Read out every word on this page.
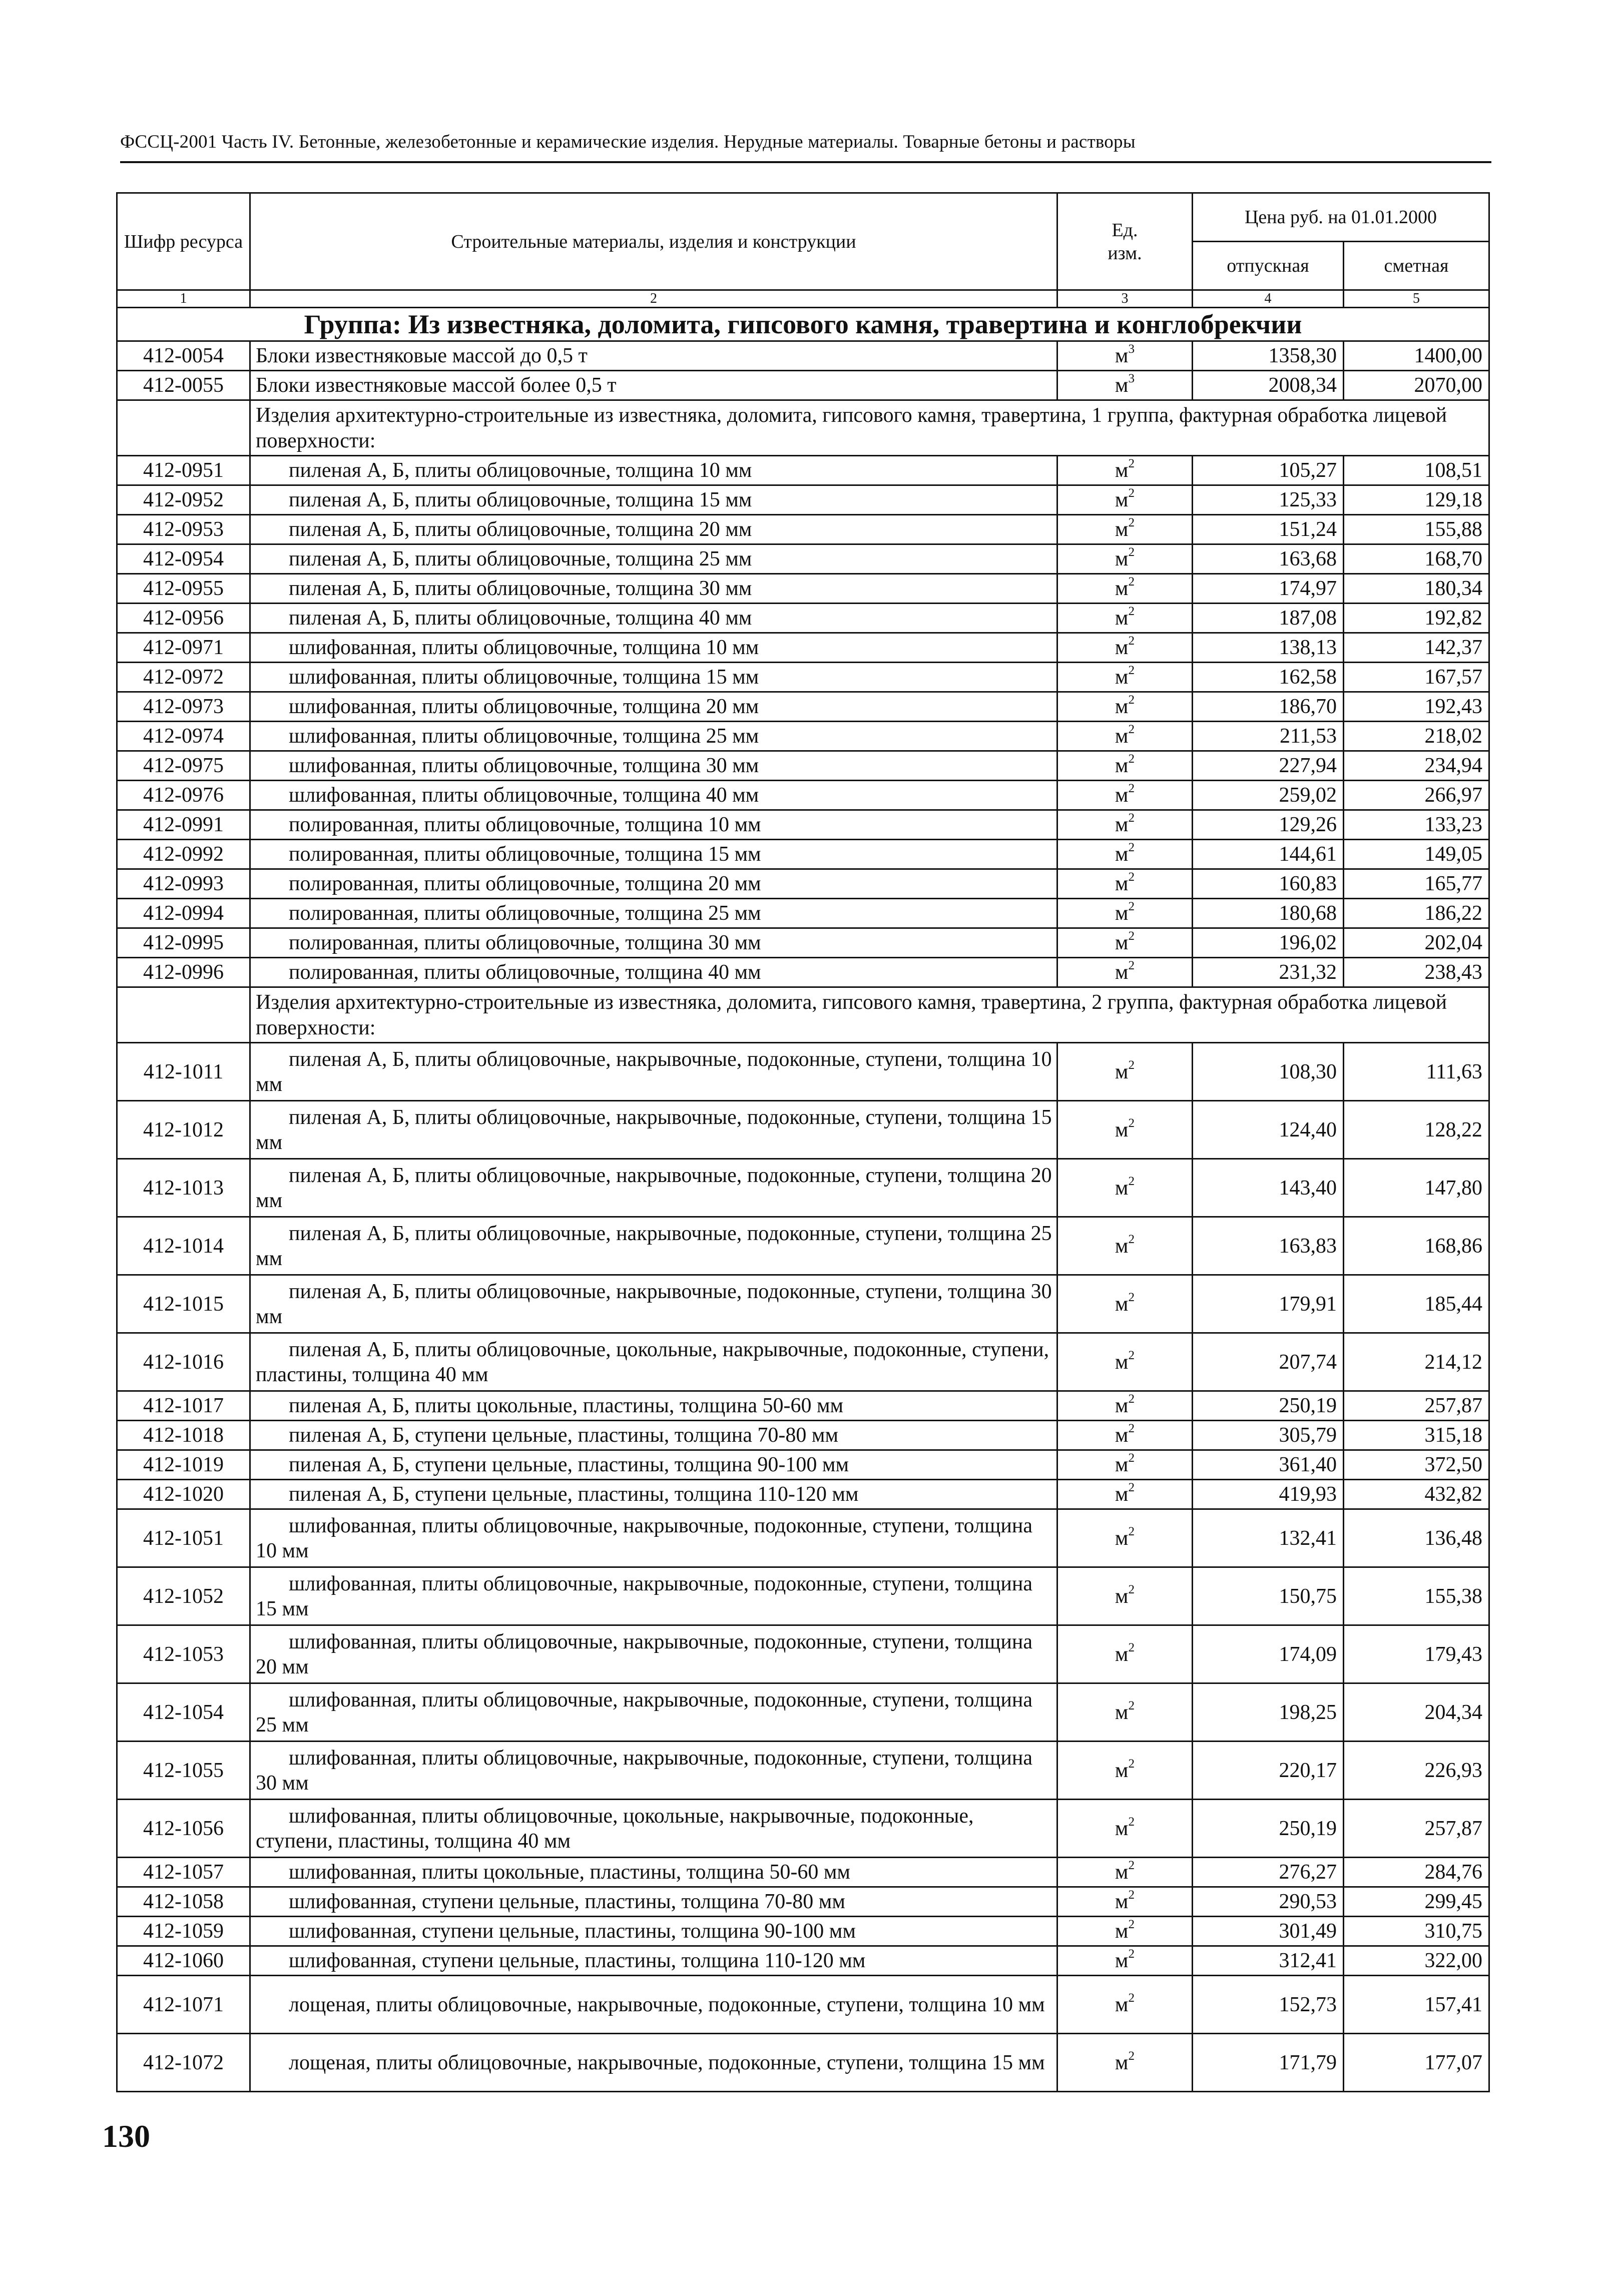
ФССЦ-2001 Часть IV. Бетонные, железобетонные и керамические изделия. Нерудные материалы. Товарные бетоны и растворы
Шифр ресурса	Строительные материалы, изделия и конструкции	Ед. изм.	Цена руб. на 01.01.2000	
			отпускная	сметная
1	2	3	4	5
Группа: Из известняка, доломита, гипсового камня, травертина и конглобрекчии				
412-0054	Блоки известняковые массой до 0,5 т	$м^3$	1358,30	1400,00
412-0055	Блоки известняковые массой более 0,5 т	$м^3$	2008,34	2070,00
	Изделия архитектурно-строительные из известняка, доломита, гипсового камня, травертина, 1 группа, фактурная обработка лицевой поверхности:			
412-0951	пиленая А, Б, плиты облицовочные, толщина 10 мм	$м^2$	105,27	108,51
412-0952	пиленая А, Б, плиты облицовочные, толщина 15 мм	$м^2$	125,33	129,18
412-0953	пиленая А, Б, плиты облицовочные, толщина 20 мм	$м^2$	151,24	155,88
412-0954	пиленая А, Б, плиты облицовочные, толщина 25 мм	$м^2$	163,68	168,70
412-0955	пиленая А, Б, плиты облицовочные, толщина 30 мм	$м^2$	174,97	180,34
412-0956	пиленая А, Б, плиты облицовочные, толщина 40 мм	$м^2$	187,08	192,82
412-0971	шлифованная, плиты облицовочные, толщина 10 мм	$м^2$	138,13	142,37
412-0972	шлифованная, плиты облицовочные, толщина 15 мм	$м^2$	162,58	167,57
412-0973	шлифованная, плиты облицовочные, толщина 20 мм	$м^2$	186,70	192,43
412-0974	шлифованная, плиты облицовочные, толщина 25 мм	$м^2$	211,53	218,02
412-0975	шлифованная, плиты облицовочные, толщина 30 мм	$м^2$	227,94	234,94
412-0976	шлифованная, плиты облицовочные, толщина 40 мм	$м^2$	259,02	266,97
412-0991	полированная, плиты облицовочные, толщина 10 мм	$м^2$	129,26	133,23
412-0992	полированная, плиты облицовочные, толщина 15 мм	$м^2$	144,61	149,05
412-0993	полированная, плиты облицовочные, толщина 20 мм	$м^2$	160,83	165,77
412-0994	полированная, плиты облицовочные, толщина 25 мм	$м^2$	180,68	186,22
412-0995	полированная, плиты облицовочные, толщина 30 мм	$м^2$	196,02	202,04
412-0996	полированная, плиты облицовочные, толщина 40 мм	$м^2$	231,32	238,43
	Изделия архитектурно-строительные из известняка, доломита, гипсового камня, травертина, 2 группа, фактурная обработка лицевой поверхности:			
412-1011	пиленая А, Б, плиты облицовочные, накрывочные, подоконные, ступени, толщина 10 мм	$м^2$	108,30	111,63
412-1012	пиленая А, Б, плиты облицовочные, накрывочные, подоконные, ступени, толщина 15 мм	$м^2$	124,40	128,22
412-1013	пиленая А, Б, плиты облицовочные, накрывочные, подоконные, ступени, толщина 20 мм	$м^2$	143,40	147,80
412-1014	пиленая А, Б, плиты облицовочные, накрывочные, подоконные, ступени, толщина 25 мм	$м^2$	163,83	168,86
412-1015	пиленая А, Б, плиты облицовочные, накрывочные, подоконные, ступени, толщина 30 мм	$м^2$	179,91	185,44
412-1016	пиленая А, Б, плиты облицовочные, цокольные, накрывочные, подоконные, ступени, пластины, толщина 40 мм	$м^2$	207,74	214,12
412-1017	пиленая А, Б, плиты цокольные, пластины, толщина 50-60 мм	$м^2$	250,19	257,87
412-1018	пиленая А, Б, ступени цельные, пластины, толщина 70-80 мм	$м^2$	305,79	315,18
412-1019	пиленая А, Б, ступени цельные, пластины, толщина 90-100 мм	$м^2$	361,40	372,50
412-1020	пиленая А, Б, ступени цельные, пластины, толщина 110-120 мм	$м^2$	419,93	432,82
412-1051	шлифованная, плиты облицовочные, накрывочные, подоконные, ступени, толщина 10 мм	$м^2$	132,41	136,48
412-1052	шлифованная, плиты облицовочные, накрывочные, подоконные, ступени, толщина 15 мм	$м^2$	150,75	155,38
412-1053	шлифованная, плиты облицовочные, накрывочные, подоконные, ступени, толщина 20 мм	$м^2$	174,09	179,43
412-1054	шлифованная, плиты облицовочные, накрывочные, подоконные, ступени, толщина 25 мм	$м^2$	198,25	204,34
412-1055	шлифованная, плиты облицовочные, накрывочные, подоконные, ступени, толщина 30 мм	$м^2$	220,17	226,93
412-1056	шлифованная, плиты облицовочные, цокольные, накрывочные, подоконные, ступени, пластины, толщина 40 мм	$м^2$	250,19	257,87
412-1057	шлифованная, плиты цокольные, пластины, толщина 50-60 мм	$м^2$	276,27	284,76
412-1058	шлифованная, ступени цельные, пластины, толщина 70-80 мм	$м^2$	290,53	299,45
412-1059	шлифованная, ступени цельные, пластины, толщина 90-100 мм	$м^2$	301,49	310,75
412-1060	шлифованная, ступени цельные, пластины, толщина 110-120 мм	$м^2$	312,41	322,00
412-1071	лощеная, плиты облицовочные, накрывочные, подоконные, ступени, толщина 10 мм	$м^2$	152,73	157,41
412-1072	лощеная, плиты облицовочные, накрывочные, подоконные, ступени, толщина 15 мм	$м^2$	171,79	177,07
130
